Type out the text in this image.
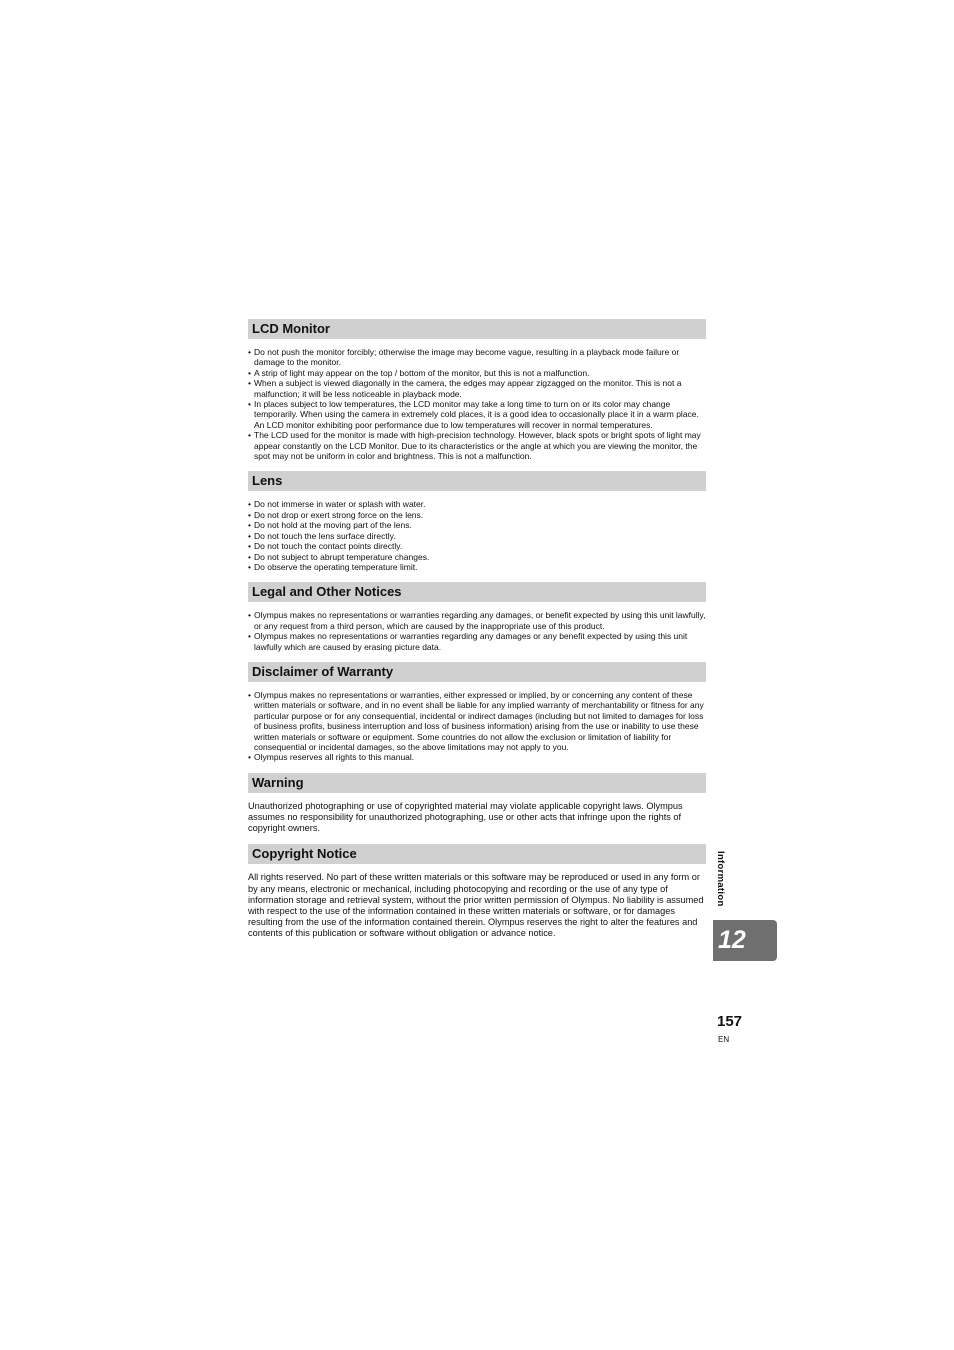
LCD Monitor
• Do not push the monitor forcibly; otherwise the image may become vague, resulting in a playback mode failure or damage to the monitor.
• A strip of light may appear on the top / bottom of the monitor, but this is not a malfunction.
• When a subject is viewed diagonally in the camera, the edges may appear zigzagged on the monitor. This is not a malfunction; it will be less noticeable in playback mode.
• In places subject to low temperatures, the LCD monitor may take a long time to turn on or its color may change temporarily. When using the camera in extremely cold places, it is a good idea to occasionally place it in a warm place. An LCD monitor exhibiting poor performance due to low temperatures will recover in normal temperatures.
• The LCD used for the monitor is made with high-precision technology. However, black spots or bright spots of light may appear constantly on the LCD Monitor. Due to its characteristics or the angle at which you are viewing the monitor, the spot may not be uniform in color and brightness. This is not a malfunction.
Lens
• Do not immerse in water or splash with water.
• Do not drop or exert strong force on the lens.
• Do not hold at the moving part of the lens.
• Do not touch the lens surface directly.
• Do not touch the contact points directly.
• Do not subject to abrupt temperature changes.
• Do observe the operating temperature limit.
Legal and Other Notices
• Olympus makes no representations or warranties regarding any damages, or benefit expected by using this unit lawfully, or any request from a third person, which are caused by the inappropriate use of this product.
• Olympus makes no representations or warranties regarding any damages or any benefit expected by using this unit lawfully which are caused by erasing picture data.
Disclaimer of Warranty
• Olympus makes no representations or warranties, either expressed or implied, by or concerning any content of these written materials or software, and in no event shall be liable for any implied warranty of merchantability or fitness for any particular purpose or for any consequential, incidental or indirect damages (including but not limited to damages for loss of business profits, business interruption and loss of business information) arising from the use or inability to use these written materials or software or equipment. Some countries do not allow the exclusion or limitation of liability for consequential or incidental damages, so the above limitations may not apply to you.
• Olympus reserves all rights to this manual.
Warning

Unauthorized photographing or use of copyrighted material may violate applicable copyright laws. Olympus assumes no responsibility for unauthorized photographing, use or other acts that infringe upon the rights of copyright owners.

Copyright Notice

All rights reserved. No part of these written materials or this software may be reproduced or used in any form or by any means, electronic or mechanical, including photocopying and recording or the use of any type of information storage and retrieval system, without the prior written permission of Olympus. No liability is assumed with respect to the use of the information contained in these written materials or software, or for damages resulting from the use of the information contained therein. Olympus reserves the right to alter the features and contents of this publication or software without obligation or advance notice.

Information
12
157
EN
